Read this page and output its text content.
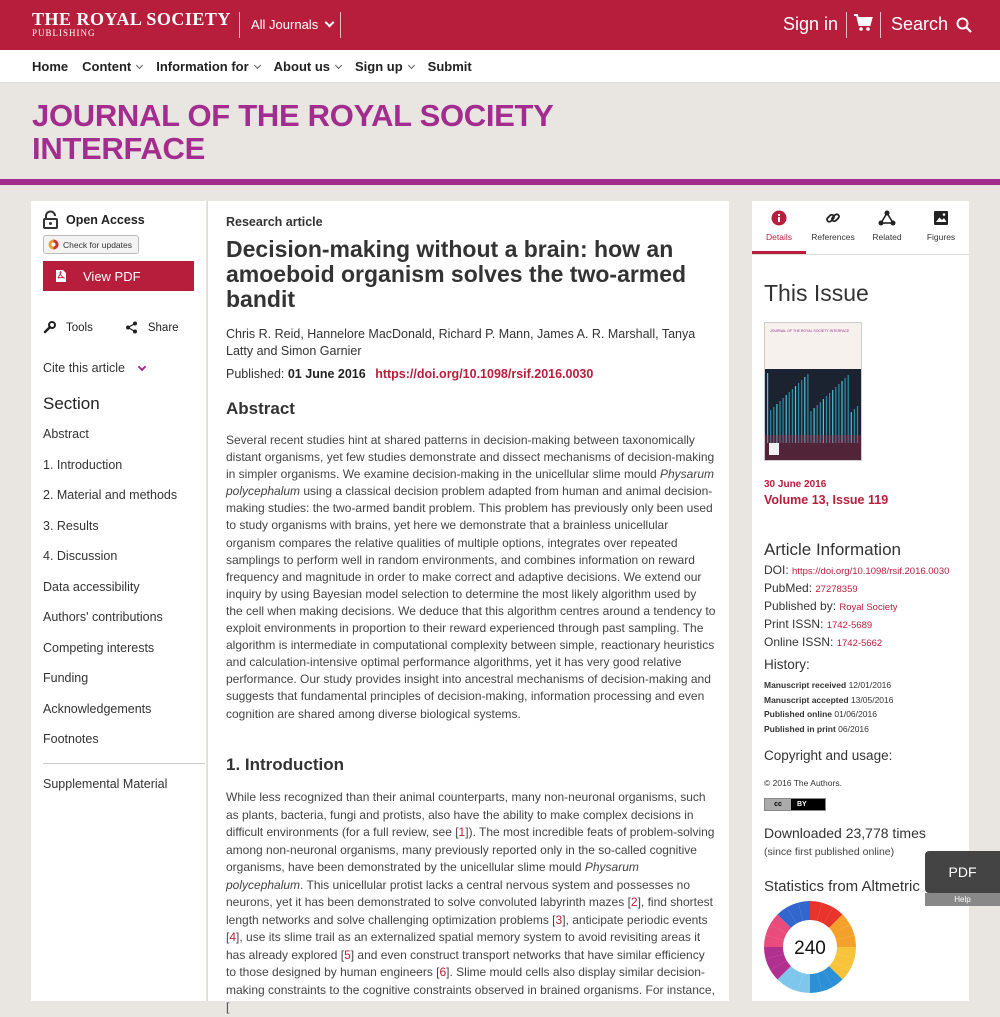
THE ROYAL SOCIETY
PUBLISHING
All Journals	Sign in	Search
Home Content Information for About us Sign up Submit
JOURNAL OF THE ROYAL SOCIETY INTERFACE
Open Access
Check for updates
View PDF
Tools	Share
Cite this article
Section
Abstract
1. Introduction
2. Material and methods
3. Results
4. Discussion
Data accessibility
Authors' contributions
Competing interests
Funding
Acknowledgements
Footnotes
Supplemental Material
Research article
Decision-making without a brain: how an amoeboid organism solves the two-armed bandit
Chris R. Reid, Hannelore MacDonald, Richard P. Mann, James A. R. Marshall, Tanya Latty and Simon Garnier
Published: 01 June 2016 https://doi.org/10.1098/rsif.2016.0030
Abstract

Several recent studies hint at shared patterns in decision-making between taxonomically distant organisms, yet few studies demonstrate and dissect mechanisms of decision-making in simpler organisms. We examine decision-making in the unicellular slime mould Physarum polycephalum using a classical decision problem adapted from human and animal decision-making studies: the two-armed bandit problem. This problem has previously only been used to study organisms with brains, yet here we demonstrate that a brainless unicellular organism compares the relative qualities of multiple options, integrates over repeated samplings to perform well in random environments, and combines information on reward frequency and magnitude in order to make correct and adaptive decisions. We extend our inquiry by using Bayesian model selection to determine the most likely algorithm used by the cell when making decisions. We deduce that this algorithm centres around a tendency to exploit environments in proportion to their reward experienced through past sampling. The algorithm is intermediate in computational complexity between simple, reactionary heuristics and calculation-intensive optimal performance algorithms, yet it has very good relative performance. Our study provides insight into ancestral mechanisms of decision-making and suggests that fundamental principles of decision-making, information processing and even cognition are shared among diverse biological systems.

1. Introduction

While less recognized than their animal counterparts, many non-neuronal organisms, such as plants, bacteria, fungi and protists, also have the ability to make complex decisions in difficult environments (for a full review, see [1]). The most incredible feats of problem-solving among non-neuronal organisms, many previously reported only in the so-called cognitive organisms, have been demonstrated by the unicellular slime mould Physarum polycephalum. This unicellular protist lacks a central nervous system and possesses no neurons, yet it has been demonstrated to solve convoluted labyrinth mazes [2], find shortest length networks and solve challenging optimization problems [3], anticipate periodic events [4], use its slime trail as an externalized spatial memory system to avoid revisiting areas it has already explored [5] and even construct transport networks that have similar efficiency to those designed by human engineers [6]. Slime mould cells also display similar decision-making constraints to the cognitive constraints observed in brained organisms. For instance, [

Details References Related	Figures
This Issue
JOURNAL OF THE ROYAL SOCIETY INTERFACE
30 June 2016
Volume 13, Issue 119
Article Information
DOI: https://doi.org/10.1098/rsif.2016.0030
PubMed: 27278359
Published by: Royal Society
Print ISSN: 1742-5689
Online ISSN: 1742-5662
History:
Manuscript received 12/01/2016
Manuscript accepted 13/05/2016
Published online 01/06/2016
Published in print 06/2016
Copyright and usage:
© 2016 The Authors.
cc	BY
Downloaded 23,778 times
(since first published online)
Statistics from Altmetric
240
PDF
Help
